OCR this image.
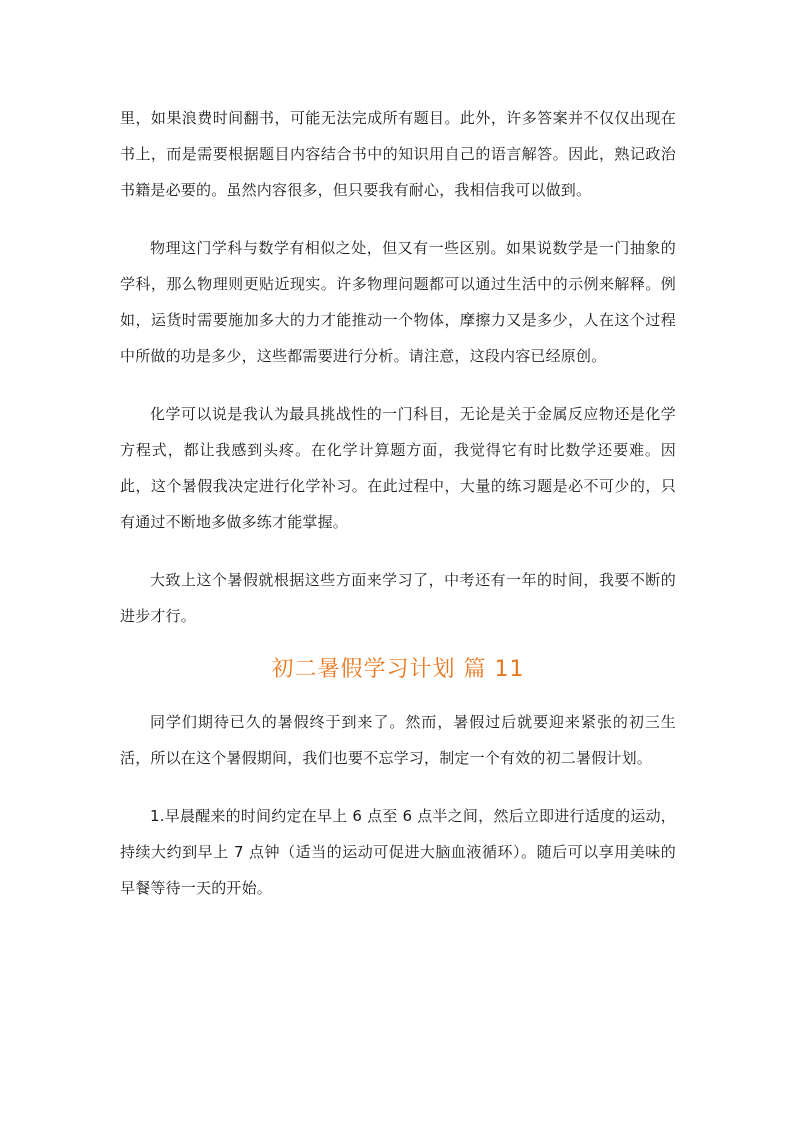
里，如果浪费时间翻书，可能无法完成所有题目。此外，许多答案并不仅仅出现在书上，而是需要根据题目内容结合书中的知识用自己的语言解答。因此，熟记政治书籍是必要的。虽然内容很多，但只要我有耐心，我相信我可以做到。

物理这门学科与数学有相似之处，但又有一些区别。如果说数学是一门抽象的学科，那么物理则更贴近现实。许多物理问题都可以通过生活中的示例来解释。例如，运货时需要施加多大的力才能推动一个物体，摩擦力又是多少，人在这个过程中所做的功是多少，这些都需要进行分析。请注意，这段内容已经原创。

化学可以说是我认为最具挑战性的一门科目，无论是关于金属反应物还是化学方程式，都让我感到头疼。在化学计算题方面，我觉得它有时比数学还要难。因此，这个暑假我决定进行化学补习。在此过程中，大量的练习题是必不可少的，只有通过不断地多做多练才能掌握。

大致上这个暑假就根据这些方面来学习了，中考还有一年的时间，我要不断的进步才行。

初二暑假学习计划 篇 11

同学们期待已久的暑假终于到来了。然而，暑假过后就要迎来紧张的初三生活，所以在这个暑假期间，我们也要不忘学习，制定一个有效的初二暑假计划。

1.早晨醒来的时间约定在早上 6 点至 6 点半之间，然后立即进行适度的运动，持续大约到早上 7 点钟（适当的运动可促进大脑血液循环）。随后可以享用美味的早餐等待一天的开始。
